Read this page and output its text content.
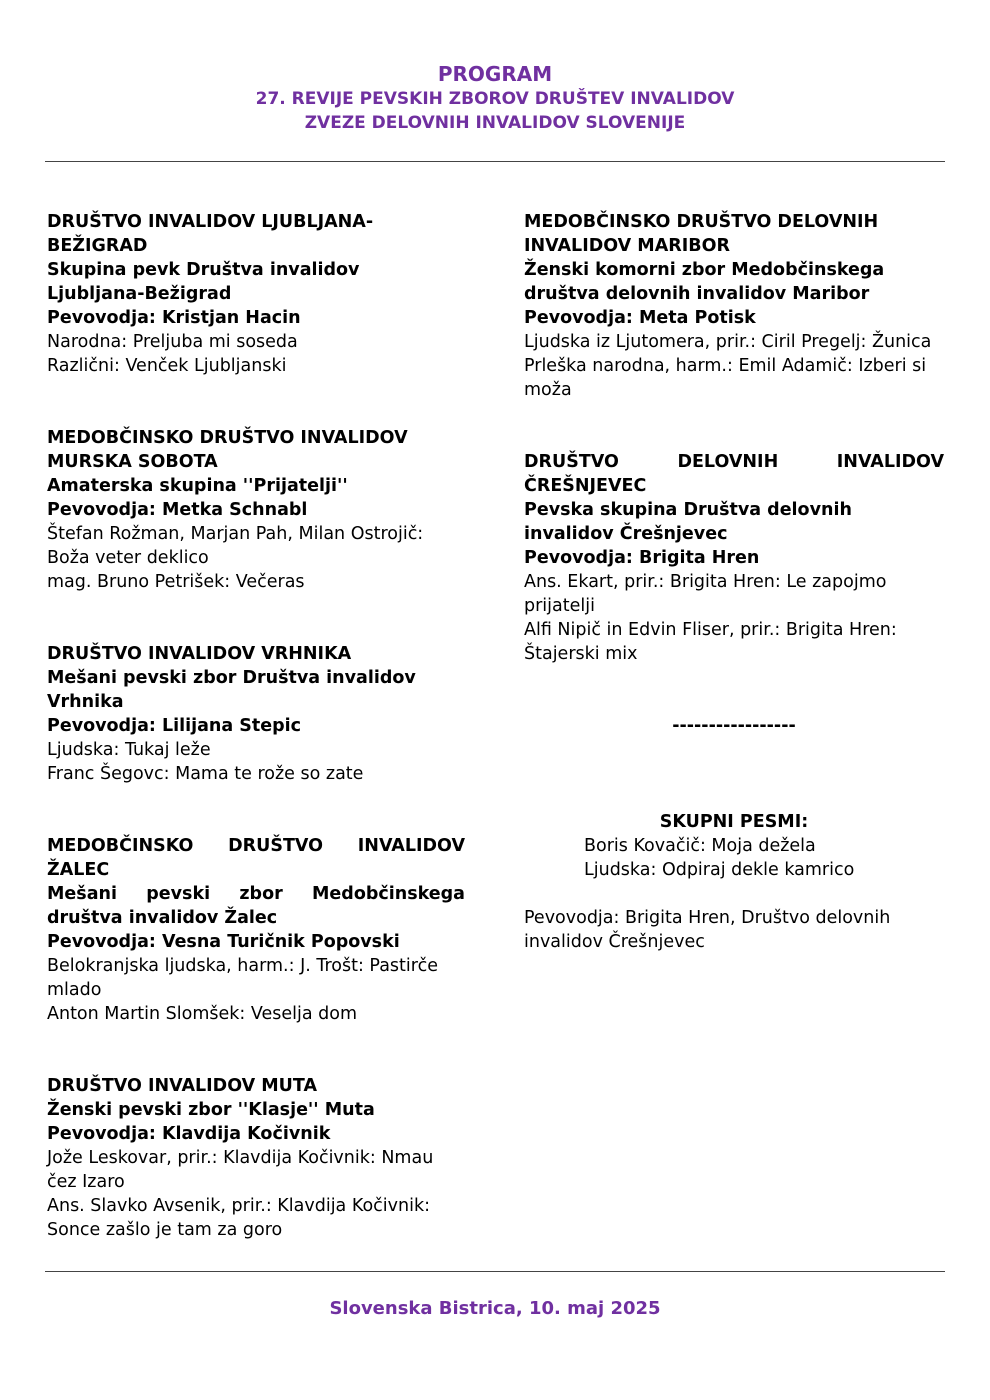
PROGRAM
27. REVIJE PEVSKIH ZBOROV DRUŠTEV INVALIDOV
ZVEZE DELOVNIH INVALIDOV SLOVENIJE
DRUŠTVO INVALIDOV LJUBLJANA-
BEŽIGRAD
Skupina pevk Društva invalidov
Ljubljana-Bežigrad
Pevovodja: Kristjan Hacin
Narodna: Preljuba mi soseda
Različni: Venček Ljubljanski
MEDOBČINSKO DRUŠTVO INVALIDOV
MURSKA SOBOTA
Amaterska skupina ''Prijatelji''
Pevovodja: Metka Schnabl
Štefan Rožman, Marjan Pah, Milan Ostrojič:
Boža veter deklico
mag. Bruno Petrišek: Večeras
DRUŠTVO INVALIDOV VRHNIKA
Mešani pevski zbor Društva invalidov
Vrhnika
Pevovodja: Lilijana Stepic
Ljudska: Tukaj leže
Franc Šegovc: Mama te rože so zate
MEDOBČINSKO DRUŠTVO INVALIDOV
ŽALEC
Mešani pevski zbor Medobčinskega
društva invalidov Žalec
Pevovodja: Vesna Turičnik Popovski
Belokranjska ljudska, harm.: J. Trošt: Pastirče
mlado
Anton Martin Slomšek: Veselja dom
DRUŠTVO INVALIDOV MUTA
Ženski pevski zbor ''Klasje'' Muta
Pevovodja: Klavdija Kočivnik
Jože Leskovar, prir.: Klavdija Kočivnik: Nmau
čez Izaro
Ans. Slavko Avsenik, prir.: Klavdija Kočivnik:
Sonce zašlo je tam za goro
MEDOBČINSKO DRUŠTVO DELOVNIH
INVALIDOV MARIBOR
Ženski komorni zbor Medobčinskega
društva delovnih invalidov Maribor
Pevovodja: Meta Potisk
Ljudska iz Ljutomera, prir.: Ciril Pregelj: Žunica
Prleška narodna, harm.: Emil Adamič: Izberi si
moža
DRUŠTVO DELOVNIH INVALIDOV
ČREŠNJEVEC
Pevska skupina Društva delovnih
invalidov Črešnjevec
Pevovodja: Brigita Hren
Ans. Ekart, prir.: Brigita Hren: Le zapojmo
prijatelji
Alfi Nipič in Edvin Fliser, prir.: Brigita Hren:
Štajerski mix
-----------------
SKUPNI PESMI:
Boris Kovačič: Moja dežela
Ljudska: Odpiraj dekle kamrico
Pevovodja: Brigita Hren, Društvo delovnih
invalidov Črešnjevec
Slovenska Bistrica, 10. maj 2025
